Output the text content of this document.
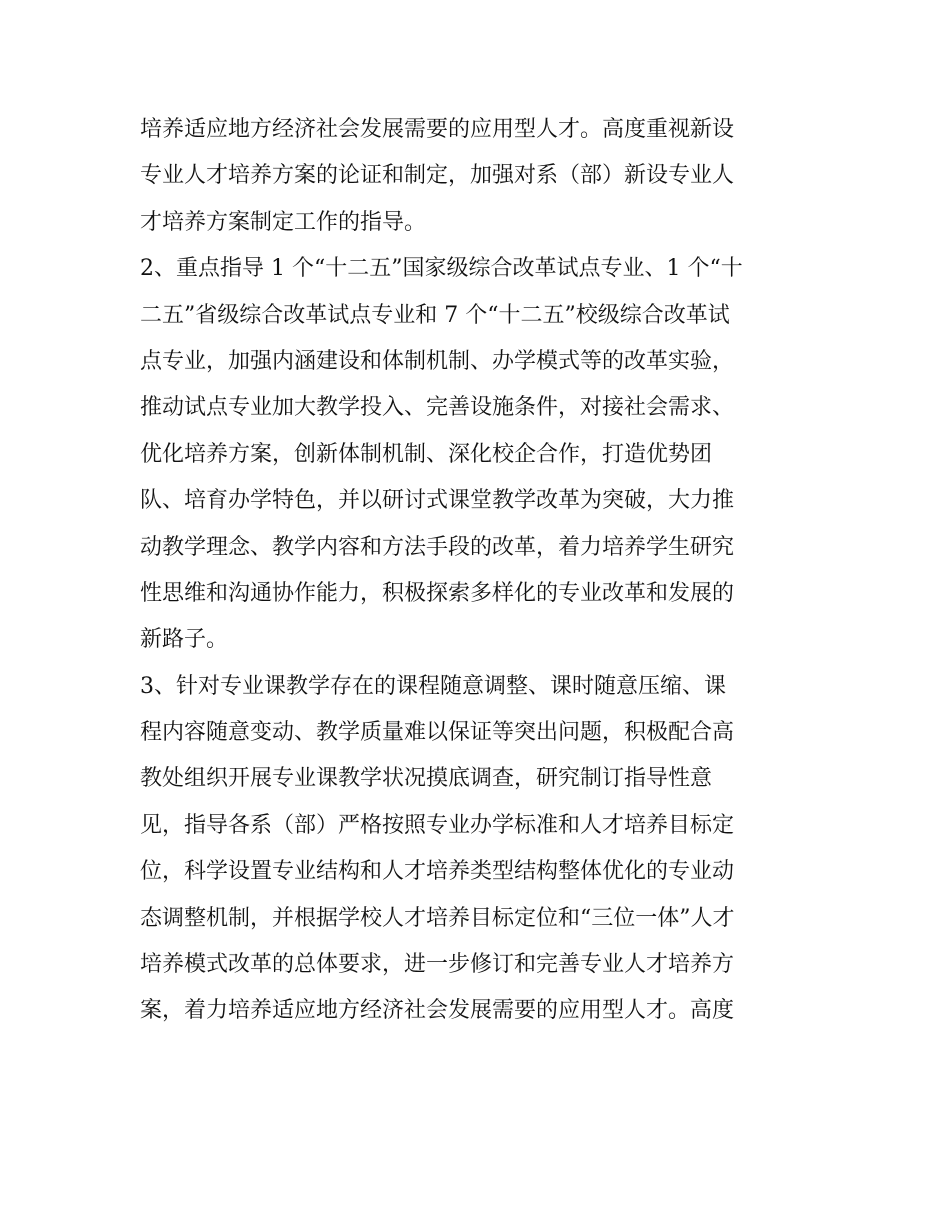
培养适应地方经济社会发展需要的应用型人才。高度重视新设
专业人才培养方案的论证和制定，加强对系（部）新设专业人
才培养方案制定工作的指导。
2、重点指导 1 个“十二五”国家级综合改革试点专业、1 个“十
二五”省级综合改革试点专业和 7 个“十二五”校级综合改革试
点专业，加强内涵建设和体制机制、办学模式等的改革实验，
推动试点专业加大教学投入、完善设施条件，对接社会需求、
优化培养方案，创新体制机制、深化校企合作，打造优势团
队、培育办学特色，并以研讨式课堂教学改革为突破，大力推
动教学理念、教学内容和方法手段的改革，着力培养学生研究
性思维和沟通协作能力，积极探索多样化的专业改革和发展的
新路子。
3、针对专业课教学存在的课程随意调整、课时随意压缩、课
程内容随意变动、教学质量难以保证等突出问题，积极配合高
教处组织开展专业课教学状况摸底调查，研究制订指导性意
见，指导各系（部）严格按照专业办学标准和人才培养目标定
位，科学设置专业结构和人才培养类型结构整体优化的专业动
态调整机制，并根据学校人才培养目标定位和“三位一体”人才
培养模式改革的总体要求，进一步修订和完善专业人才培养方
案，着力培养适应地方经济社会发展需要的应用型人才。高度
